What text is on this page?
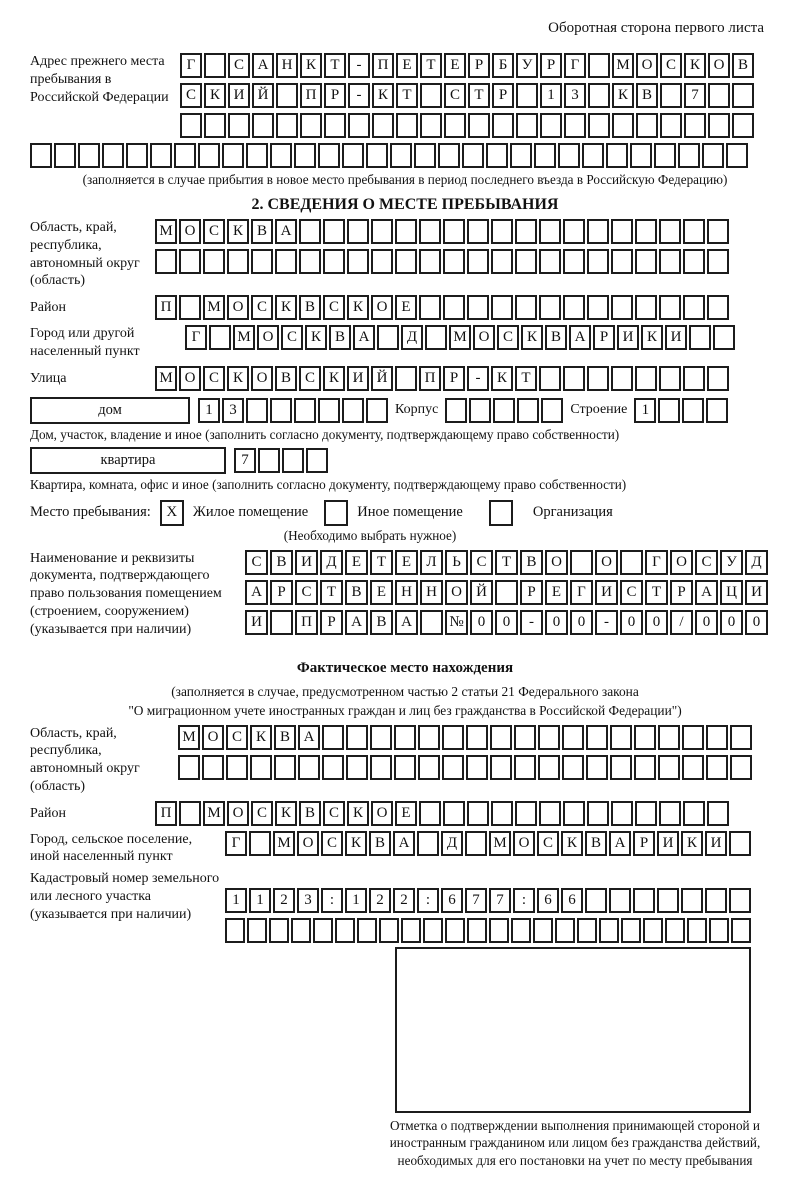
Оборотная сторона первого листа
Адрес прежнего места пребывания в Российской Федерации
Г	С А Н К Т	-	П Е Т Е	Р	Б У Р	Г	М О С К О В
С К И Й	П Р	-	К Т	С Т	Р	1	3	К В	7
(заполняется в случае прибытия в новое место пребывания в период последнего въезда в Российскую Федерацию)
2. СВЕДЕНИЯ О МЕСТЕ ПРЕБЫВАНИЯ
Область, край, республика, автономный округ (область)
М О С К В А
Район	П	М О С К В С К О Е
Город или другой населенный пункт
Г	М О С К В А	Д	М О С К В А Р И К И
Улица	М О С К О В С К И Й	П Р	-	К Т
дом	1	3	Корпус	Строение 1
Дом, участок, владение и иное (заполнить согласно документу, подтверждающему право собственности)
квартира	7
Квартира, комната, офис и иное (заполнить согласно документу, подтверждающему право собственности)
Место пребывания:	X	Жилое помещение	Иное помещение	Организация
(Необходимо выбрать нужное)
Наименование и реквизиты документа, подтверждающего право пользования помещением (строением, сооружением) (указывается при наличии)
С В И Д	Е	Т	Е	Л	Ь	С	Т	В О	О	Г	О С У Д
А	Р	С	Т	В	Е	Н Н О Й	Р	Е	Г	И С	Т	Р	А Ц И
И	П	Р	А В А	№ 0	0	-	0	0	-	0	0	/	0	0	0
Фактическое место нахождения
(заполняется в случае, предусмотренном частью 2 статьи 21 Федерального закона
"О миграционном учете иностранных граждан и лиц без гражданства в Российской Федерации")
Область, край, республика, автономный округ (область)
М О С К В А
Район	П	М О С К В С К О Е
Город, сельское поселение, иной населенный пункт
Г	М О С К В А	Д	М О С К В А Р И К И
Кадастровый номер земельного или лесного участка (указывается при наличии)
1	1	2	3	:	1	2	2	:	6	7	7	:	6	6
Отметка о подтверждении выполнения принимающей стороной и иностранным гражданином или лицом без гражданства действий, необходимых для его постановки на учет по месту пребывания
